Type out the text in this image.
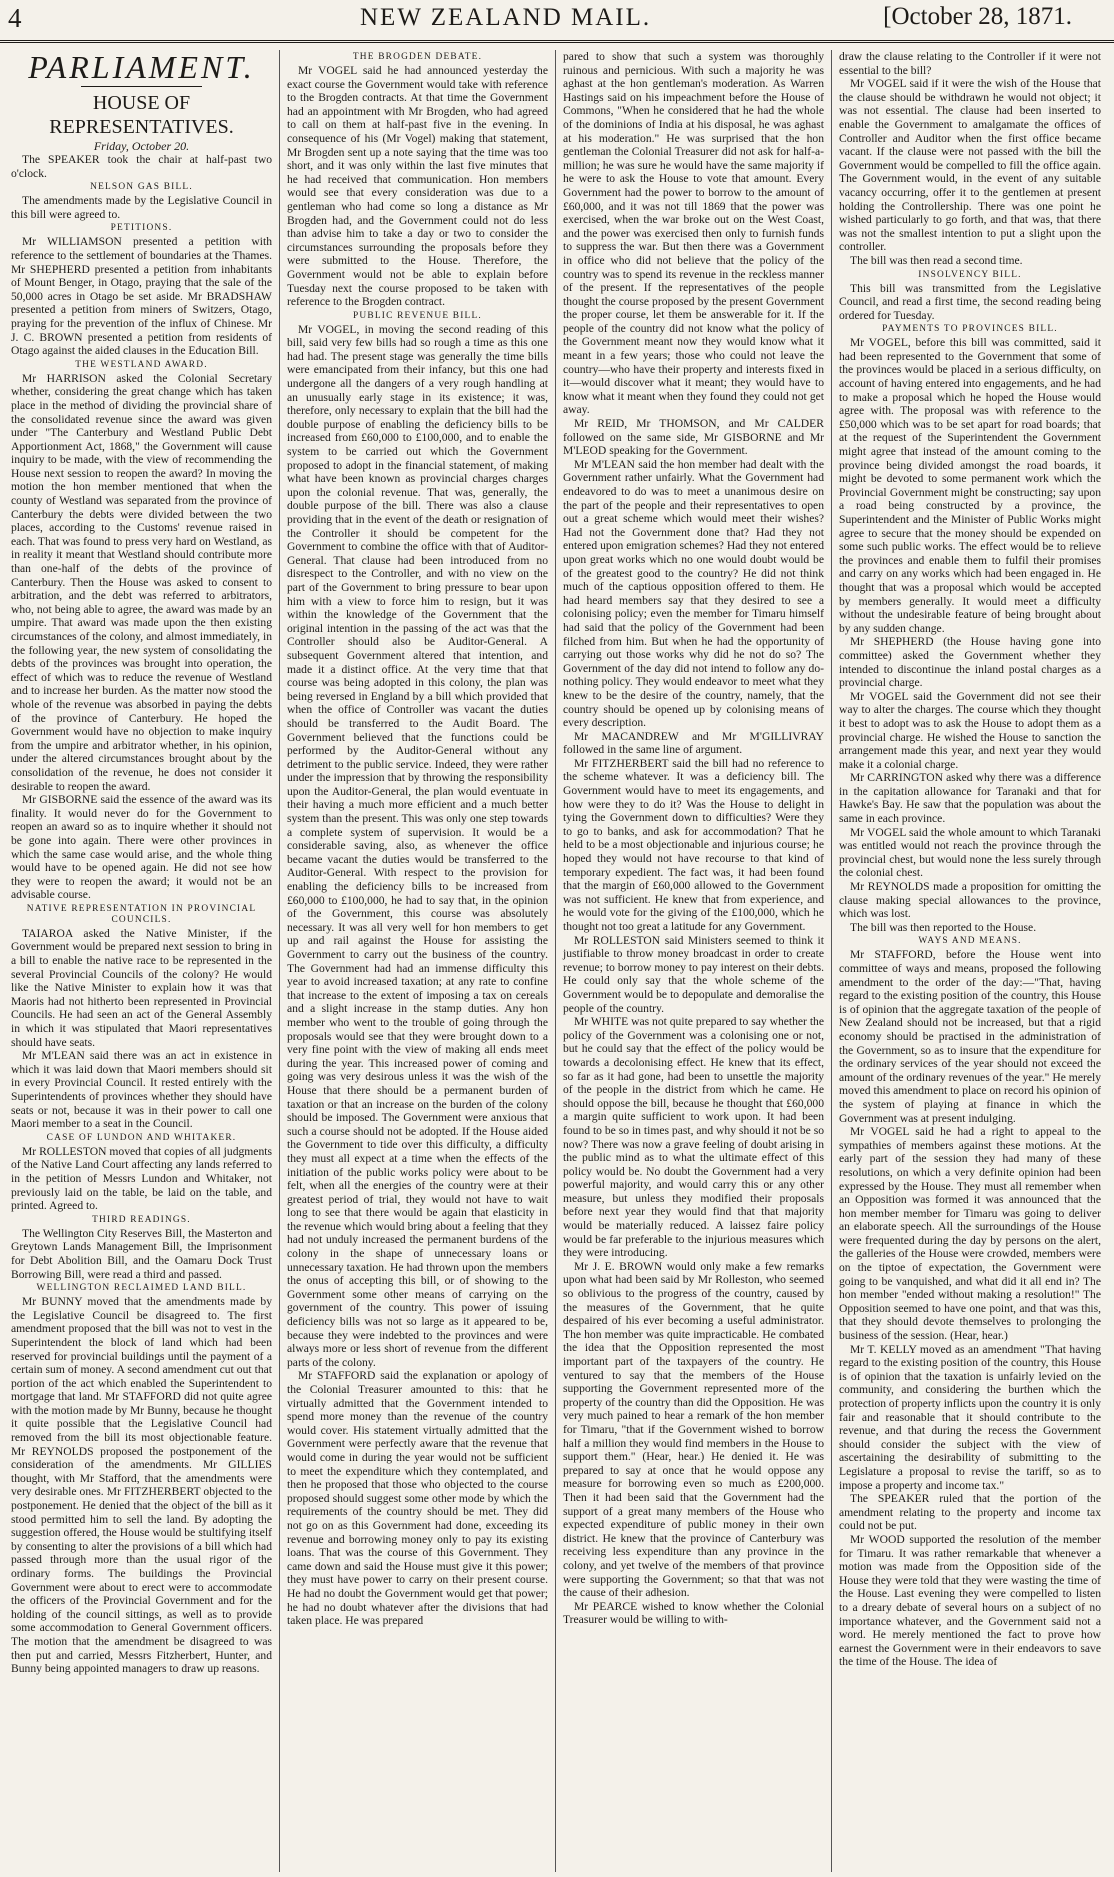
4	NEW ZEALAND MAIL.	[October 28, 1871.
PARLIAMENT.
HOUSE OF REPRESENTATIVES.
Friday, October 20.

The SPEAKER took the chair at half-past two o'clock.

NELSON GAS BILL.

The amendments made by the Legislative Council in this bill were agreed to.

PETITIONS.

Mr WILLIAMSON presented a petition with reference to the settlement of boundaries at the Thames. Mr SHEPHERD presented a petition from inhabitants of Mount Benger, in Otago, praying that the sale of the 50,000 acres in Otago be set aside. Mr BRADSHAW presented a petition from miners of Switzers, Otago, praying for the prevention of the influx of Chinese. Mr J. C. BROWN presented a petition from residents of Otago against the aided clauses in the Education Bill.

THE WESTLAND AWARD.

Mr HARRISON asked the Colonial Secretary whether, considering the great change which has taken place in the method of dividing the provincial share of the consolidated revenue since the award was given under "The Canterbury and Westland Public Debt Apportionment Act, 1868," the Government will cause inquiry to be made, with the view of recommending the House next session to reopen the award? In moving the motion the hon member mentioned that when the county of Westland was separated from the province of Canterbury the debts were divided between the two places, according to the Customs' revenue raised in each. That was found to press very hard on Westland, as in reality it meant that Westland should contribute more than one-half of the debts of the province of Canterbury. Then the House was asked to consent to arbitration, and the debt was referred to arbitrators, who, not being able to agree, the award was made by an umpire. That award was made upon the then existing circumstances of the colony, and almost immediately, in the following year, the new system of consolidating the debts of the provinces was brought into operation, the effect of which was to reduce the revenue of Westland and to increase her burden. As the matter now stood the whole of the revenue was absorbed in paying the debts of the province of Canterbury. He hoped the Government would have no objection to make inquiry from the umpire and arbitrator whether, in his opinion, under the altered circumstances brought about by the consolidation of the revenue, he does not consider it desirable to reopen the award.

Mr GISBORNE said the essence of the award was its finality. It would never do for the Government to reopen an award so as to inquire whether it should not be gone into again. There were other provinces in which the same case would arise, and the whole thing would have to be opened again. He did not see how they were to reopen the award; it would not be an advisable course.

NATIVE REPRESENTATION IN PROVINCIAL COUNCILS.

TAIAROA asked the Native Minister, if the Government would be prepared next session to bring in a bill to enable the native race to be represented in the several Provincial Councils of the colony? He would like the Native Minister to explain how it was that Maoris had not hitherto been represented in Provincial Councils. He had seen an act of the General Assembly in which it was stipulated that Maori representatives should have seats.

Mr M'LEAN said there was an act in existence in which it was laid down that Maori members should sit in every Provincial Council. It rested entirely with the Superintendents of provinces whether they should have seats or not, because it was in their power to call one Maori member to a seat in the Council.

CASE OF LUNDON AND WHITAKER.

Mr ROLLESTON moved that copies of all judgments of the Native Land Court affecting any lands referred to in the petition of Messrs Lundon and Whitaker, not previously laid on the table, be laid on the table, and printed. Agreed to.

THIRD READINGS.

The Wellington City Reserves Bill, the Masterton and Greytown Lands Management Bill, the Imprisonment for Debt Abolition Bill, and the Oamaru Dock Trust Borrowing Bill, were read a third and passed.

WELLINGTON RECLAIMED LAND BILL.

Mr BUNNY moved that the amendments made by the Legislative Council be disagreed to. The first amendment proposed that the bill was not to vest in the Superintendent the block of land which had been reserved for provincial buildings until the payment of a certain sum of money. A second amendment cut out that portion of the act which enabled the Superintendent to mortgage that land. Mr STAFFORD did not quite agree with the motion made by Mr Bunny, because he thought it quite possible that the Legislative Council had removed from the bill its most objectionable feature. Mr REYNOLDS proposed the postponement of the consideration of the amendments. Mr GILLIES thought, with Mr Stafford, that the amendments were very desirable ones. Mr FITZHERBERT objected to the postponement. He denied that the object of the bill as it stood permitted him to sell the land. By adopting the suggestion offered, the House would be stultifying itself by consenting to alter the provisions of a bill which had passed through more than the usual rigor of the ordinary forms. The buildings the Provincial Government were about to erect were to accommodate the officers of the Provincial Government and for the holding of the council sittings, as well as to provide some accommodation to General Government officers. The motion that the amendment be disagreed to was then put and carried, Messrs Fitzherbert, Hunter, and Bunny being appointed managers to draw up reasons.

THE BROGDEN DEBATE.

Mr VOGEL said he had announced yesterday the exact course the Government would take with reference to the Brogden contracts. At that time the Government had an appointment with Mr Brogden, who had agreed to call on them at half-past five in the evening. In consequence of his (Mr Vogel) making that statement, Mr Brogden sent up a note saying that the time was too short, and it was only within the last five minutes that he had received that communication. Hon members would see that every consideration was due to a gentleman who had come so long a distance as Mr Brogden had, and the Government could not do less than advise him to take a day or two to consider the circumstances surrounding the proposals before they were submitted to the House. Therefore, the Government would not be able to explain before Tuesday next the course proposed to be taken with reference to the Brogden contract.

PUBLIC REVENUE BILL.

Mr VOGEL, in moving the second reading of this bill, said very few bills had so rough a time as this one had had. The present stage was generally the time bills were emancipated from their infancy, but this one had undergone all the dangers of a very rough handling at an unusually early stage in its existence; it was, therefore, only necessary to explain that the bill had the double purpose of enabling the deficiency bills to be increased from £60,000 to £100,000, and to enable the system to be carried out which the Government proposed to adopt in the financial statement, of making what have been known as provincial charges charges upon the colonial revenue. That was, generally, the double purpose of the bill. There was also a clause providing that in the event of the death or resignation of the Controller it should be competent for the Government to combine the office with that of Auditor-General. That clause had been introduced from no disrespect to the Controller, and with no view on the part of the Government to bring pressure to bear upon him with a view to force him to resign, but it was within the knowledge of the Government that the original intention in the passing of the act was that the Controller should also be Auditor-General. A subsequent Government altered that intention, and made it a distinct office. At the very time that that course was being adopted in this colony, the plan was being reversed in England by a bill which provided that when the office of Controller was vacant the duties should be transferred to the Audit Board. The Government believed that the functions could be performed by the Auditor-General without any detriment to the public service. Indeed, they were rather under the impression that by throwing the responsibility upon the Auditor-General, the plan would eventuate in their having a much more efficient and a much better system than the present. This was only one step towards a complete system of supervision. It would be a considerable saving, also, as whenever the office became vacant the duties would be transferred to the Auditor-General. With respect to the provision for enabling the deficiency bills to be increased from £60,000 to £100,000, he had to say that, in the opinion of the Government, this course was absolutely necessary. It was all very well for hon members to get up and rail against the House for assisting the Government to carry out the business of the country. The Government had had an immense difficulty this year to avoid increased taxation; at any rate to confine that increase to the extent of imposing a tax on cereals and a slight increase in the stamp duties. Any hon member who went to the trouble of going through the proposals would see that they were brought down to a very fine point with the view of making all ends meet during the year. This increased power of coming and going was very desirous unless it was the wish of the House that there should be a permanent burden of taxation or that an increase on the burden of the colony should be imposed. The Government were anxious that such a course should not be adopted. If the House aided the Government to tide over this difficulty, a difficulty they must all expect at a time when the effects of the initiation of the public works policy were about to be felt, when all the energies of the country were at their greatest period of trial, they would not have to wait long to see that there would be again that elasticity in the revenue which would bring about a feeling that they had not unduly increased the permanent burdens of the colony in the shape of unnecessary loans or unnecessary taxation. He had thrown upon the members the onus of accepting this bill, or of showing to the Government some other means of carrying on the government of the country. This power of issuing deficiency bills was not so large as it appeared to be, because they were indebted to the provinces and were always more or less short of revenue from the different parts of the colony.

Mr STAFFORD said the explanation or apology of the Colonial Treasurer amounted to this: that he virtually admitted that the Government intended to spend more money than the revenue of the country would cover. His statement virtually admitted that the Government were perfectly aware that the revenue that would come in during the year would not be sufficient to meet the expenditure which they contemplated, and then he proposed that those who objected to the course proposed should suggest some other mode by which the requirements of the country should be met. They did not go on as this Government had done, exceeding its revenue and borrowing money only to pay its existing loans. That was the course of this Government. They came down and said the House must give it this power; they must have power to carry on their present course. He had no doubt the Government would get that power; he had no doubt whatever after the divisions that had taken place. He was prepared

pared to show that such a system was thoroughly ruinous and pernicious. With such a majority he was aghast at the hon gentleman's moderation. As Warren Hastings said on his impeachment before the House of Commons, "When he considered that he had the whole of the dominions of India at his disposal, he was aghast at his moderation." He was surprised that the hon gentleman the Colonial Treasurer did not ask for half-a-million; he was sure he would have the same majority if he were to ask the House to vote that amount. Every Government had the power to borrow to the amount of £60,000, and it was not till 1869 that the power was exercised, when the war broke out on the West Coast, and the power was exercised then only to furnish funds to suppress the war. But then there was a Government in office who did not believe that the policy of the country was to spend its revenue in the reckless manner of the present. If the representatives of the people thought the course proposed by the present Government the proper course, let them be answerable for it. If the people of the country did not know what the policy of the Government meant now they would know what it meant in a few years; those who could not leave the country—who have their property and interests fixed in it—would discover what it meant; they would have to know what it meant when they found they could not get away.

Mr REID, Mr THOMSON, and Mr CALDER followed on the same side, Mr GISBORNE and Mr M'LEOD speaking for the Government.

Mr M'LEAN said the hon member had dealt with the Government rather unfairly. What the Government had endeavored to do was to meet a unanimous desire on the part of the people and their representatives to open out a great scheme which would meet their wishes? Had not the Government done that? Had they not entered upon emigration schemes? Had they not entered upon great works which no one would doubt would be of the greatest good to the country? He did not think much of the captious opposition offered to them. He had heard members say that they desired to see a colonising policy; even the member for Timaru himself had said that the policy of the Government had been filched from him. But when he had the opportunity of carrying out those works why did he not do so? The Government of the day did not intend to follow any do-nothing policy. They would endeavor to meet what they knew to be the desire of the country, namely, that the country should be opened up by colonising means of every description.

Mr MACANDREW and Mr M'GILLIVRAY followed in the same line of argument.

Mr FITZHERBERT said the bill had no reference to the scheme whatever. It was a deficiency bill. The Government would have to meet its engagements, and how were they to do it? Was the House to delight in tying the Government down to difficulties? Were they to go to banks, and ask for accommodation? That he held to be a most objectionable and injurious course; he hoped they would not have recourse to that kind of temporary expedient. The fact was, it had been found that the margin of £60,000 allowed to the Government was not sufficient. He knew that from experience, and he would vote for the giving of the £100,000, which he thought not too great a latitude for any Government.

Mr ROLLESTON said Ministers seemed to think it justifiable to throw money broadcast in order to create revenue; to borrow money to pay interest on their debts. He could only say that the whole scheme of the Government would be to depopulate and demoralise the people of the country.

Mr WHITE was not quite prepared to say whether the policy of the Government was a colonising one or not, but he could say that the effect of the policy would be towards a decolonising effect. He knew that its effect, so far as it had gone, had been to unsettle the majority of the people in the district from which he came. He should oppose the bill, because he thought that £60,000 a margin quite sufficient to work upon. It had been found to be so in times past, and why should it not be so now? There was now a grave feeling of doubt arising in the public mind as to what the ultimate effect of this policy would be. No doubt the Government had a very powerful majority, and would carry this or any other measure, but unless they modified their proposals before next year they would find that that majority would be materially reduced. A laissez faire policy would be far preferable to the injurious measures which they were introducing.

Mr J. E. BROWN would only make a few remarks upon what had been said by Mr Rolleston, who seemed so oblivious to the progress of the country, caused by the measures of the Government, that he quite despaired of his ever becoming a useful administrator. The hon member was quite impracticable. He combated the idea that the Opposition represented the most important part of the taxpayers of the country. He ventured to say that the members of the House supporting the Government represented more of the property of the country than did the Opposition. He was very much pained to hear a remark of the hon member for Timaru, "that if the Government wished to borrow half a million they would find members in the House to support them." (Hear, hear.) He denied it. He was prepared to say at once that he would oppose any measure for borrowing even so much as £200,000. Then it had been said that the Government had the support of a great many members of the House who expected expenditure of public money in their own district. He knew that the province of Canterbury was receiving less expenditure than any province in the colony, and yet twelve of the members of that province were supporting the Government; so that that was not the cause of their adhesion.

Mr PEARCE wished to know whether the Colonial Treasurer would be willing to with-

draw the clause relating to the Controller if it were not essential to the bill?

Mr VOGEL said if it were the wish of the House that the clause should be withdrawn he would not object; it was not essential. The clause had been inserted to enable the Government to amalgamate the offices of Controller and Auditor when the first office became vacant. If the clause were not passed with the bill the Government would be compelled to fill the office again. The Government would, in the event of any suitable vacancy occurring, offer it to the gentlemen at present holding the Controllership. There was one point he wished particularly to go forth, and that was, that there was not the smallest intention to put a slight upon the controller.

The bill was then read a second time.

INSOLVENCY BILL.

This bill was transmitted from the Legislative Council, and read a first time, the second reading being ordered for Tuesday.

PAYMENTS TO PROVINCES BILL.

Mr VOGEL, before this bill was committed, said it had been represented to the Government that some of the provinces would be placed in a serious difficulty, on account of having entered into engagements, and he had to make a proposal which he hoped the House would agree with. The proposal was with reference to the £50,000 which was to be set apart for road boards; that at the request of the Superintendent the Government might agree that instead of the amount coming to the province being divided amongst the road boards, it might be devoted to some permanent work which the Provincial Government might be constructing; say upon a road being constructed by a province, the Superintendent and the Minister of Public Works might agree to secure that the money should be expended on some such public works. The effect would be to relieve the provinces and enable them to fulfil their promises and carry on any works which had been engaged in. He thought that was a proposal which would be accepted by members generally. It would meet a difficulty without the undesirable feature of being brought about by any sudden change.

Mr SHEPHERD (the House having gone into committee) asked the Government whether they intended to discontinue the inland postal charges as a provincial charge.

Mr VOGEL said the Government did not see their way to alter the charges. The course which they thought it best to adopt was to ask the House to adopt them as a provincial charge. He wished the House to sanction the arrangement made this year, and next year they would make it a colonial charge.

Mr CARRINGTON asked why there was a difference in the capitation allowance for Taranaki and that for Hawke's Bay. He saw that the population was about the same in each province.

Mr VOGEL said the whole amount to which Taranaki was entitled would not reach the province through the provincial chest, but would none the less surely through the colonial chest.

Mr REYNOLDS made a proposition for omitting the clause making special allowances to the province, which was lost.

The bill was then reported to the House.

WAYS AND MEANS.

Mr STAFFORD, before the House went into committee of ways and means, proposed the following amendment to the order of the day:—"That, having regard to the existing position of the country, this House is of opinion that the aggregate taxation of the people of New Zealand should not be increased, but that a rigid economy should be practised in the administration of the Government, so as to insure that the expenditure for the ordinary services of the year should not exceed the amount of the ordinary revenues of the year." He merely moved this amendment to place on record his opinion of the system of playing at finance in which the Government was at present indulging.

Mr VOGEL said he had a right to appeal to the sympathies of members against these motions. At the early part of the session they had many of these resolutions, on which a very definite opinion had been expressed by the House. They must all remember when an Opposition was formed it was announced that the hon member member for Timaru was going to deliver an elaborate speech. All the surroundings of the House were frequented during the day by persons on the alert, the galleries of the House were crowded, members were on the tiptoe of expectation, the Government were going to be vanquished, and what did it all end in? The hon member "ended without making a resolution!" The Opposition seemed to have one point, and that was this, that they should devote themselves to prolonging the business of the session. (Hear, hear.)

Mr T. KELLY moved as an amendment "That having regard to the existing position of the country, this House is of opinion that the taxation is unfairly levied on the community, and considering the burthen which the protection of property inflicts upon the country it is only fair and reasonable that it should contribute to the revenue, and that during the recess the Government should consider the subject with the view of ascertaining the desirability of submitting to the Legislature a proposal to revise the tariff, so as to impose a property and income tax."

The SPEAKER ruled that the portion of the amendment relating to the property and income tax could not be put.

Mr WOOD supported the resolution of the member for Timaru. It was rather remarkable that whenever a motion was made from the Opposition side of the House they were told that they were wasting the time of the House. Last evening they were compelled to listen to a dreary debate of several hours on a subject of no importance whatever, and the Government said not a word. He merely mentioned the fact to prove how earnest the Government were in their endeavors to save the time of the House. The idea of
